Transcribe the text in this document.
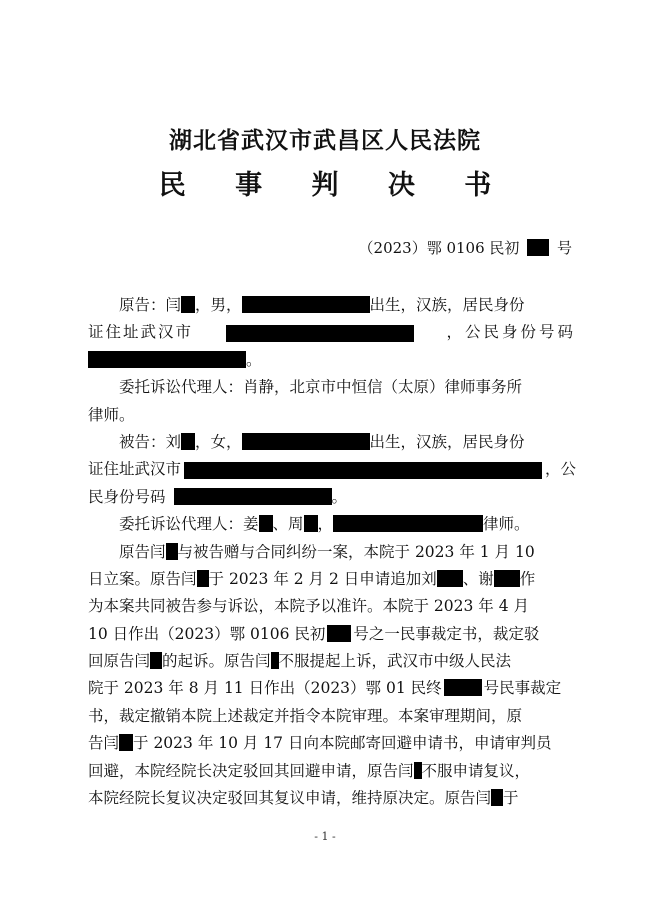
湖北省武汉市武昌区人民法院
民 事 判 决 书
（2023）鄂 0106 民初	号
原告：闫 ，男，	出生，汉族，居民身份
证住址武汉市	，公民身份号码
。
委托诉讼代理人：肖静，北京市中恒信（太原）律师事务所
律师。
被告：刘 ，女，	出生，汉族，居民身份
证住址武汉市	，公
民身份号码	。
委托诉讼代理人：姜 、周 ，	律师。
原告闫 与被告赠与合同纠纷一案，本院于 2023 年 1 月 10
日立案。原告闫 于 2023 年 2 月 2 日申请追加刘 、谢 作
为本案共同被告参与诉讼，本院予以准许。本院于 2023 年 4 月
10 日作出（2023）鄂 0106 民初 号之一民事裁定书，裁定驳
回原告闫 的起诉。原告闫 不服提起上诉，武汉市中级人民法
院于 2023 年 8 月 11 日作出（2023）鄂 01 民终	号民事裁定
书，裁定撤销本院上述裁定并指令本院审理。本案审理期间，原
告闫 于 2023 年 10 月 17 日向本院邮寄回避申请书，申请审判员
回避，本院经院长决定驳回其回避申请，原告闫 不服申请复议，
本院经院长复议决定驳回其复议申请，维持原决定。原告闫 于
- 1 -
